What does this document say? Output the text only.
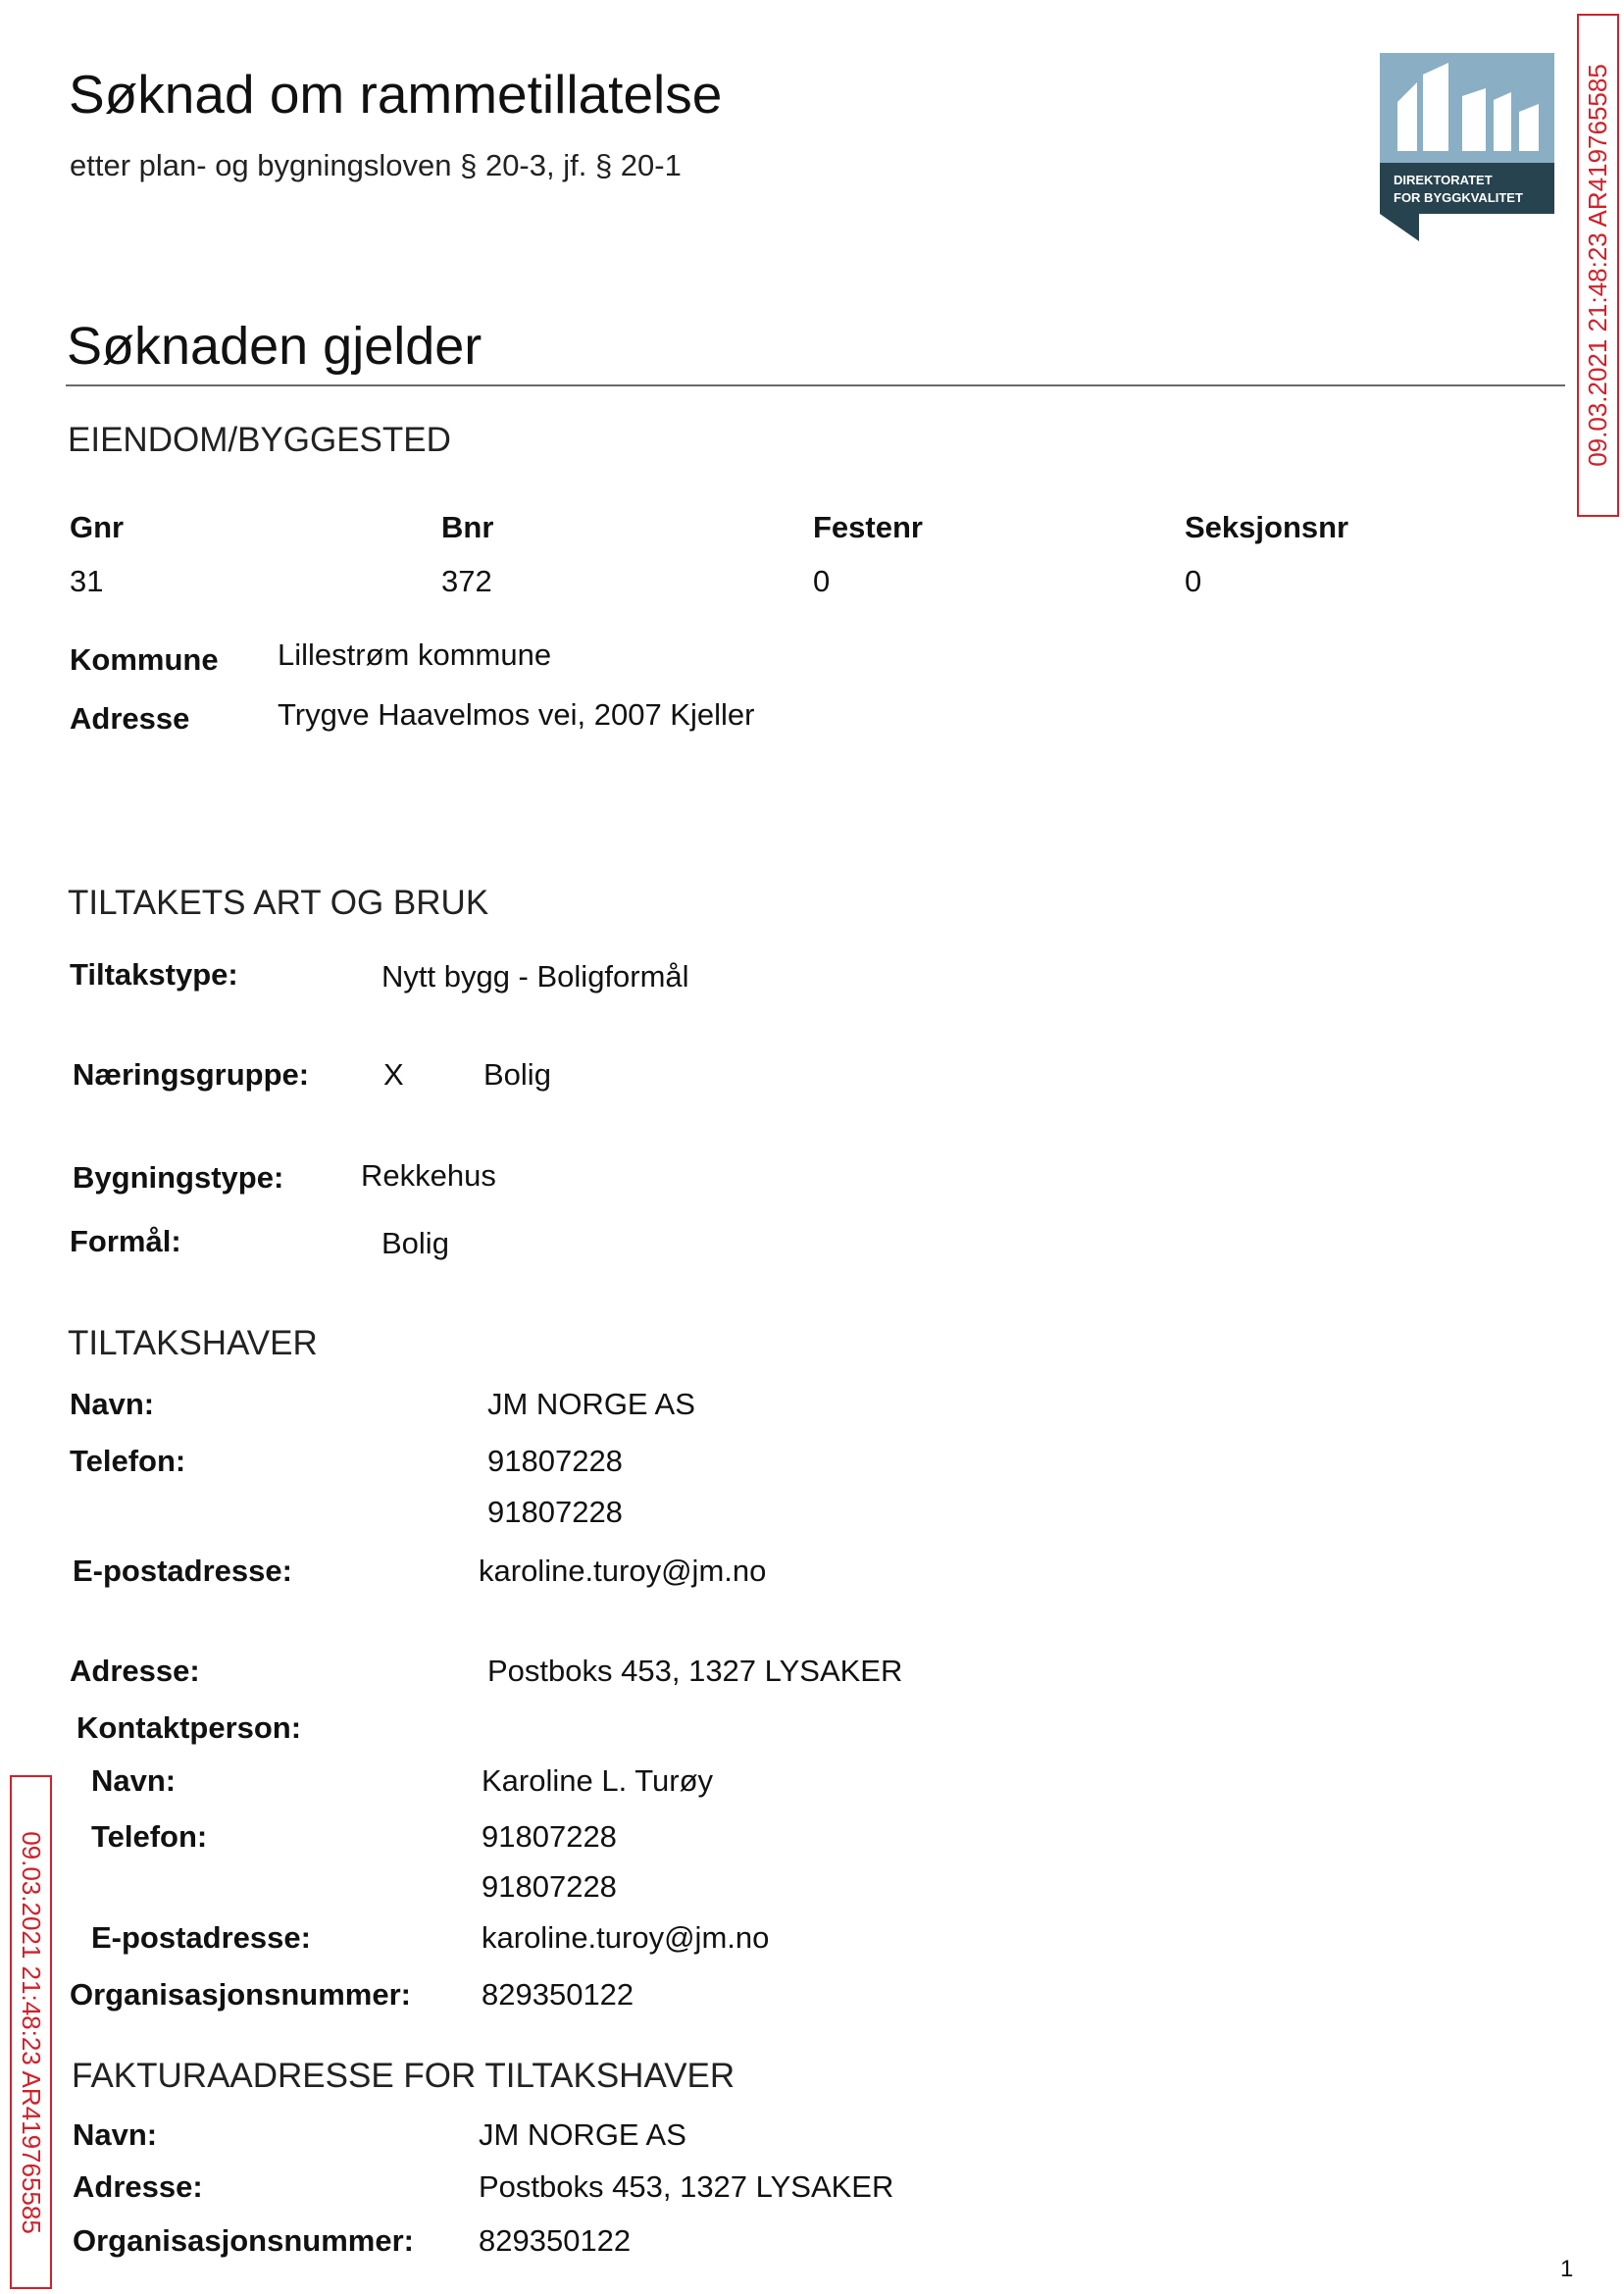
Søknad om rammetillatelse
etter plan- og bygningsloven § 20-3, jf. § 20-1	DIREKTORATET
FOR BYGGKVALITET 09.03.2021 21:48:23 AR419765585
09.03.2021 21:48:23 AR419765585
Søknaden gjelder
EIENDOM/BYGGESTED
Gnr	Bnr	Festenr	Seksjonsnr
31	372	0	0
Kommune Lillestrøm kommune
Adresse	Trygve Haavelmos vei, 2007 Kjeller
TILTAKETS ART OG BRUK
Tiltakstype:	Nytt bygg - Boligformål
Næringsgruppe: X	Bolig
Bygningstype:	Rekkehus
Formål:	Bolig
TILTAKSHAVER
Navn:	JM NORGE AS
Telefon:	91807228
91807228
E-postadresse:	karoline.turoy@jm.no
Adresse:	Postboks 453, 1327 LYSAKER
Kontaktperson:
Navn:	Karoline L. Turøy
Telefon:	91807228
91807228
E-postadresse:	karoline.turoy@jm.no
Organisasjonsnummer: 829350122
FAKTURAADRESSE FOR TILTAKSHAVER
Navn:	JM NORGE AS
Adresse:	Postboks 453, 1327 LYSAKER
Organisasjonsnummer: 829350122
1
